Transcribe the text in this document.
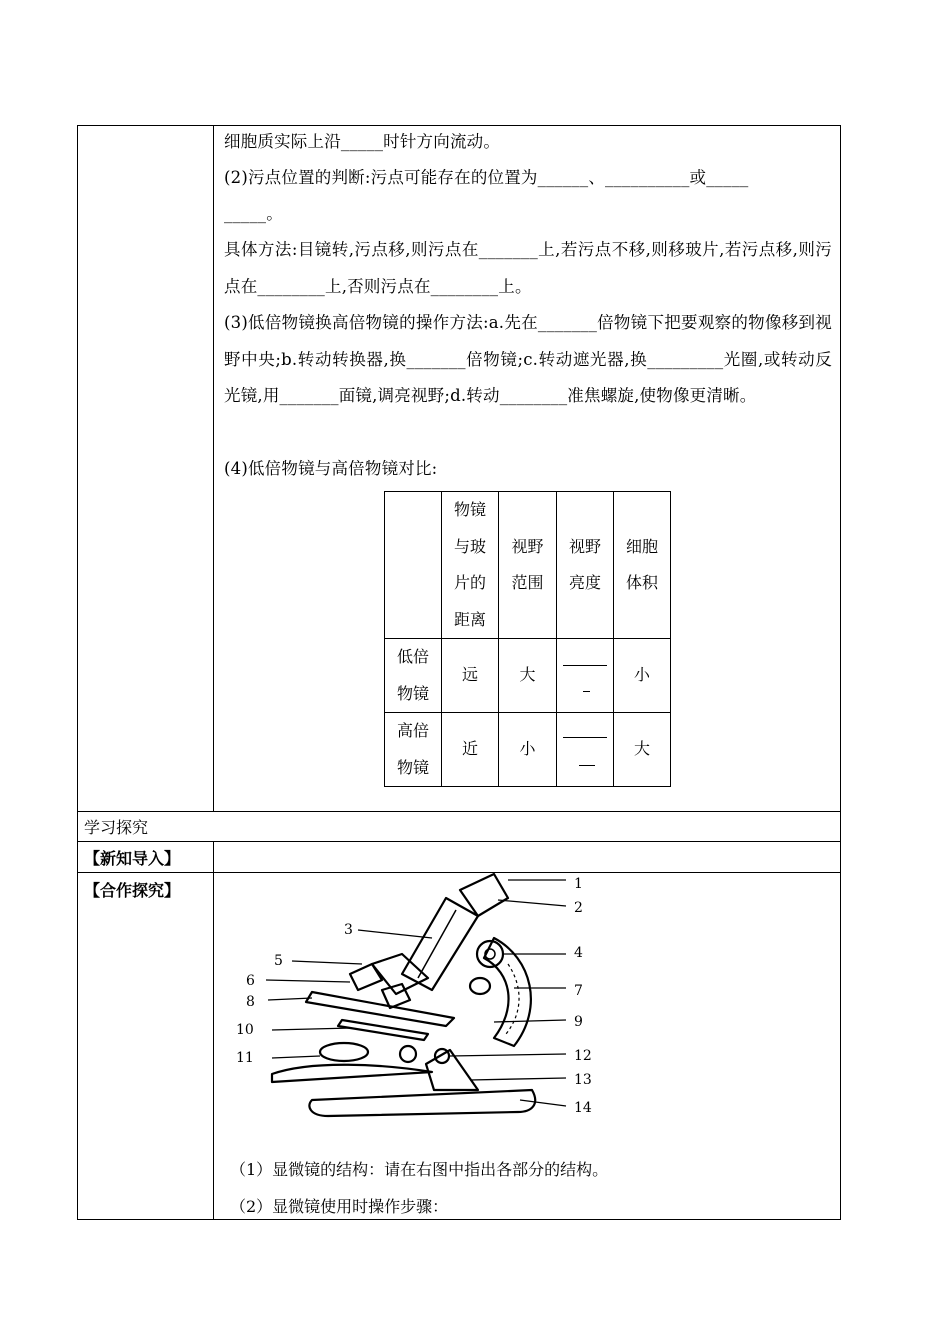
细胞质实际上沿_____时针方向流动。
(2)污点位置的判断:污点可能存在的位置为______、__________或_____
_____。
具体方法:目镜转,污点移,则污点在_______上,若污点不移,则移玻片,若污点移,则污点在________上,否则污点在________上。
(3)低倍物镜换高倍物镜的操作方法:a.先在_______倍物镜下把要观察的物像移到视野中央;b.转动转换器,换_______倍物镜;c.转动遮光器,换_________光圈,或转动反光镜,用_______面镜,调亮视野;d.转动________准焦螺旋,使物像更清晰。
(4)低倍物镜与高倍物镜对比:

	物镜与玻片的距离	视野范围	视野亮度	细胞体积

低倍物镜	远	大		小

高倍物镜	近	小		大
学习探究
【新知导入】
【合作探究】	1
2
3
4
5
6
7
8
9
10
11	12
13
14
（1）显微镜的结构：请在右图中指出各部分的结构。
（2）显微镜使用时操作步骤：
